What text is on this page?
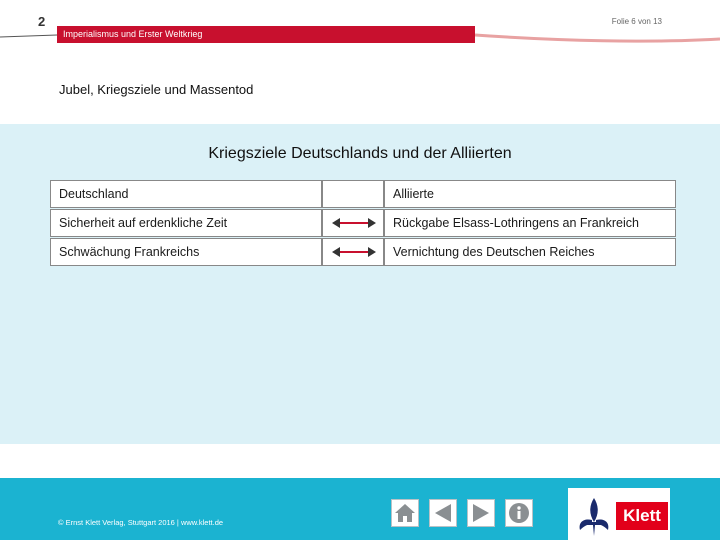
2	Folie 6 von 13
Imperialismus und Erster Weltkrieg
Jubel, Kriegsziele und Massentod
Kriegsziele Deutschlands und der Alliierten
Deutschland	Alliierte
Sicherheit auf erdenkliche Zeit	Rückgabe Elsass-Lothringens an Frankreich
Schwächung Frankreichs	Vernichtung des Deutschen Reiches
© Ernst Klett Verlag, Stuttgart 2016 | www.klett.de	Klett
